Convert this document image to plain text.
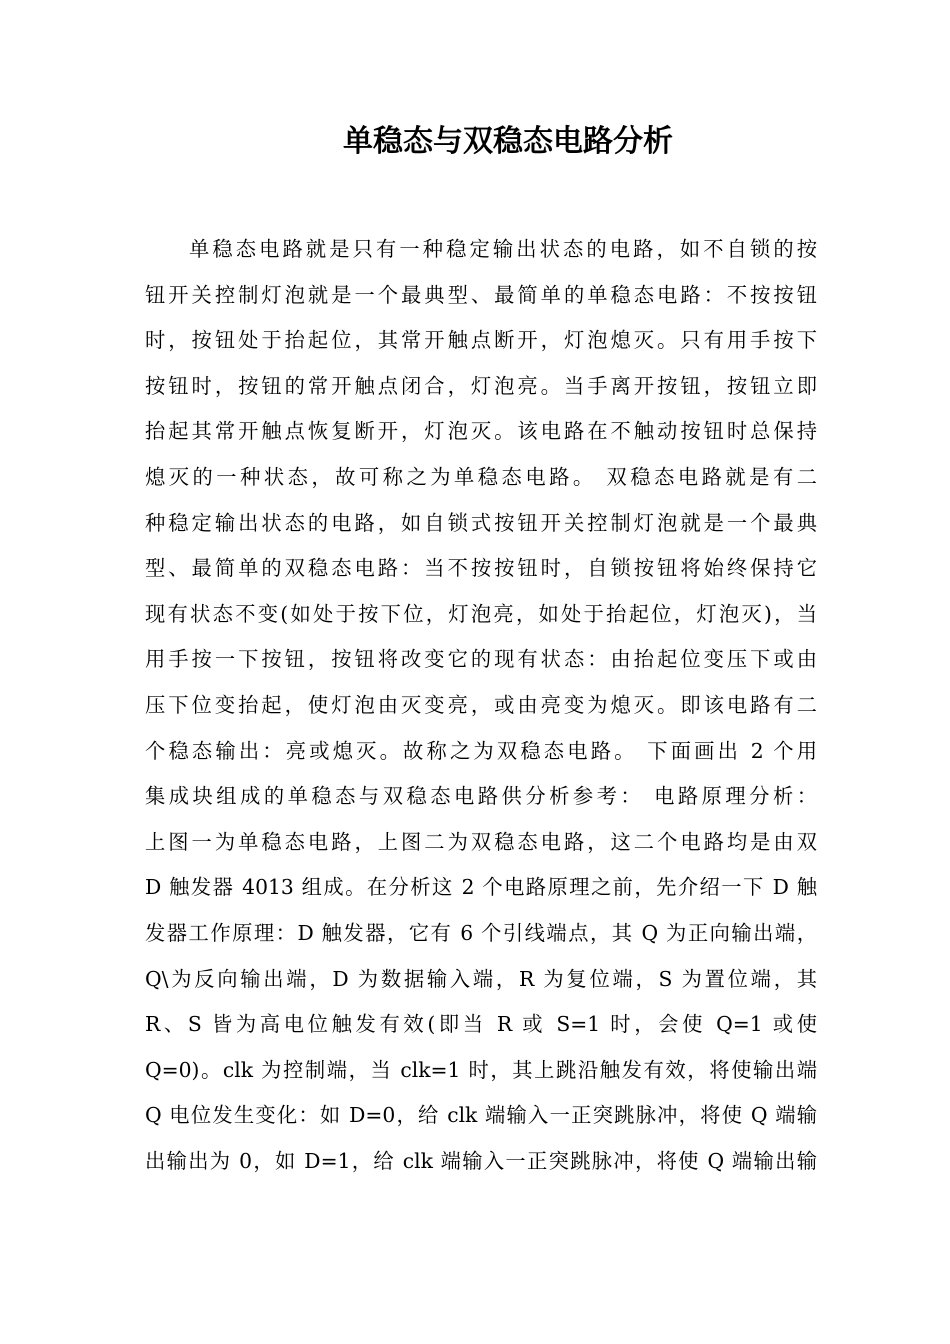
单稳态与双稳态电路分析
单稳态电路就是只有一种稳定输出状态的电路，如不自锁的按
钮开关控制灯泡就是一个最典型、最简单的单稳态电路：不按按钮
时，按钮处于抬起位，其常开触点断开，灯泡熄灭。只有用手按下
按钮时，按钮的常开触点闭合，灯泡亮。当手离开按钮，按钮立即
抬起其常开触点恢复断开，灯泡灭。该电路在不触动按钮时总保持
熄灭的一种状态，故可称之为单稳态电路。 双稳态电路就是有二
种稳定输出状态的电路，如自锁式按钮开关控制灯泡就是一个最典
型、最简单的双稳态电路：当不按按钮时，自锁按钮将始终保持它
现有状态不变(如处于按下位，灯泡亮，如处于抬起位，灯泡灭)，当
用手按一下按钮，按钮将改变它的现有状态：由抬起位变压下或由
压下位变抬起，使灯泡由灭变亮，或由亮变为熄灭。即该电路有二
个稳态输出：亮或熄灭。故称之为双稳态电路。 下面画出 2 个用
集成块组成的单稳态与双稳态电路供分析参考： 电路原理分析：
上图一为单稳态电路，上图二为双稳态电路，这二个电路均是由双
D 触发器 4013 组成。在分析这 2 个电路原理之前，先介绍一下 D 触
发器工作原理：D 触发器，它有 6 个引线端点，其 Q 为正向输出端，
Q\为反向输出端，D 为数据输入端，R 为复位端，S 为置位端，其
R、S 皆为高电位触发有效(即当 R 或 S=1 时，会使 Q=1 或使
Q=0)。clk 为控制端，当 clk=1 时，其上跳沿触发有效，将使输出端
Q 电位发生变化：如 D=0，给 clk 端输入一正突跳脉冲，将使 Q 端输
出输出为 0，如 D=1，给 clk 端输入一正突跳脉冲，将使 Q 端输出输
